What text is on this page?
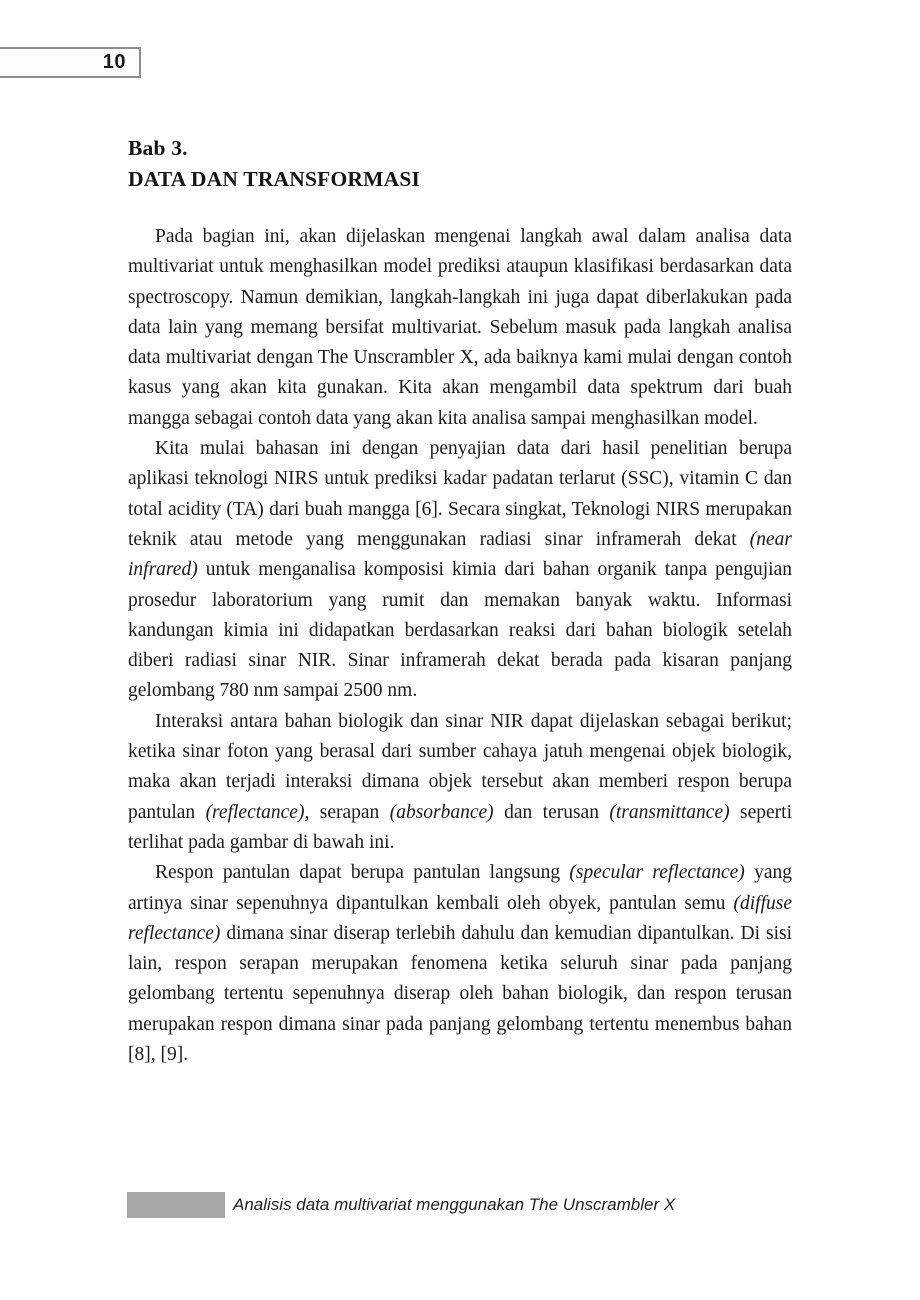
10
Bab 3.
DATA DAN TRANSFORMASI

Pada bagian ini, akan dijelaskan mengenai langkah awal dalam analisa data multivariat untuk menghasilkan model prediksi ataupun klasifikasi berdasarkan data spectroscopy. Namun demikian, langkah-langkah ini juga dapat diberlakukan pada data lain yang memang bersifat multivariat. Sebelum masuk pada langkah analisa data multivariat dengan The Unscrambler X, ada baiknya kami mulai dengan contoh kasus yang akan kita gunakan. Kita akan mengambil data spektrum dari buah mangga sebagai contoh data yang akan kita analisa sampai menghasilkan model.

Kita mulai bahasan ini dengan penyajian data dari hasil penelitian berupa aplikasi teknologi NIRS untuk prediksi kadar padatan terlarut (SSC), vitamin C dan total acidity (TA) dari buah mangga [6]. Secara singkat, Teknologi NIRS merupakan teknik atau metode yang menggunakan radiasi sinar inframerah dekat (near infrared) untuk menganalisa komposisi kimia dari bahan organik tanpa pengujian prosedur laboratorium yang rumit dan memakan banyak waktu. Informasi kandungan kimia ini didapatkan berdasarkan reaksi dari bahan biologik setelah diberi radiasi sinar NIR. Sinar inframerah dekat berada pada kisaran panjang gelombang 780 nm sampai 2500 nm.

Interaksi antara bahan biologik dan sinar NIR dapat dijelaskan sebagai berikut; ketika sinar foton yang berasal dari sumber cahaya jatuh mengenai objek biologik, maka akan terjadi interaksi dimana objek tersebut akan memberi respon berupa pantulan (reflectance), serapan (absorbance) dan terusan (transmittance) seperti terlihat pada gambar di bawah ini.

Respon pantulan dapat berupa pantulan langsung (specular reflectance) yang artinya sinar sepenuhnya dipantulkan kembali oleh obyek, pantulan semu (diffuse reflectance) dimana sinar diserap terlebih dahulu dan kemudian dipantulkan. Di sisi lain, respon serapan merupakan fenomena ketika seluruh sinar pada panjang gelombang tertentu sepenuhnya diserap oleh bahan biologik, dan respon terusan merupakan respon dimana sinar pada panjang gelombang tertentu menembus bahan [8], [9].

Analisis data multivariat menggunakan The Unscrambler X
